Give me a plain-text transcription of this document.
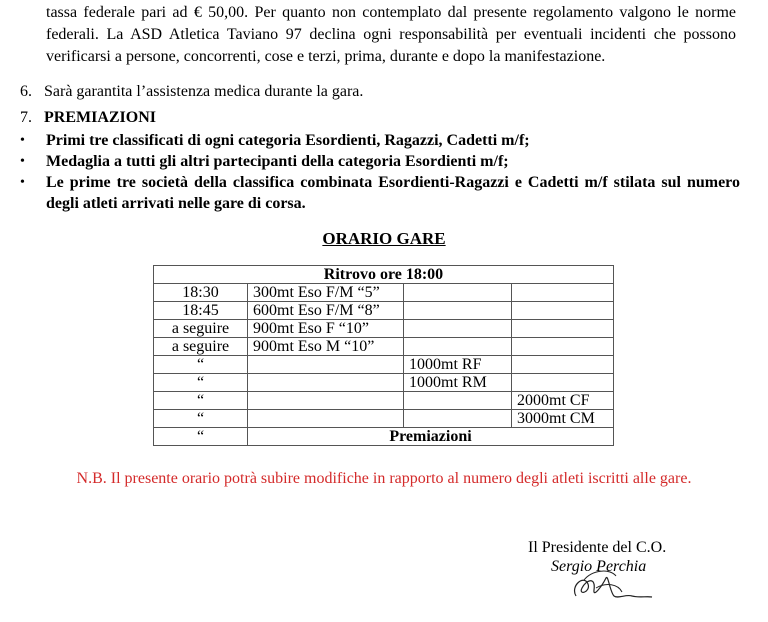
tassa federale pari ad € 50,00. Per quanto non contemplato dal presente regolamento valgono le norme federali. La ASD Atletica Taviano 97 declina ogni responsabilità per eventuali incidenti che possono verificarsi a persone, concorrenti, cose e terzi, prima, durante e dopo la manifestazione.
6. Sarà garantita l’assistenza medica durante la gara.
7. PREMIAZIONI
•	Primi tre classificati di ogni categoria Esordienti, Ragazzi, Cadetti m/f;
•	Medaglia a tutti gli altri partecipanti della categoria Esordienti m/f;
•	Le prime tre società della classifica combinata Esordienti-Ragazzi e Cadetti m/f stilata sul numero degli atleti arrivati nelle gare di corsa.
ORARIO GARE
Ritrovo ore 18:00			
18:30	300mt Eso F/M “5”		
18:45	600mt Eso F/M “8”		
a seguire	900mt Eso F “10”		
a seguire	900mt Eso M “10”		
“		1000mt RF	
“		1000mt RM	
“			2000mt CF
“			3000mt CM
“	Premiazioni		
N.B. Il presente orario potrà subire modifiche in rapporto al numero degli atleti iscritti alle gare.
Il Presidente del C.O.
Sergio Perchia
